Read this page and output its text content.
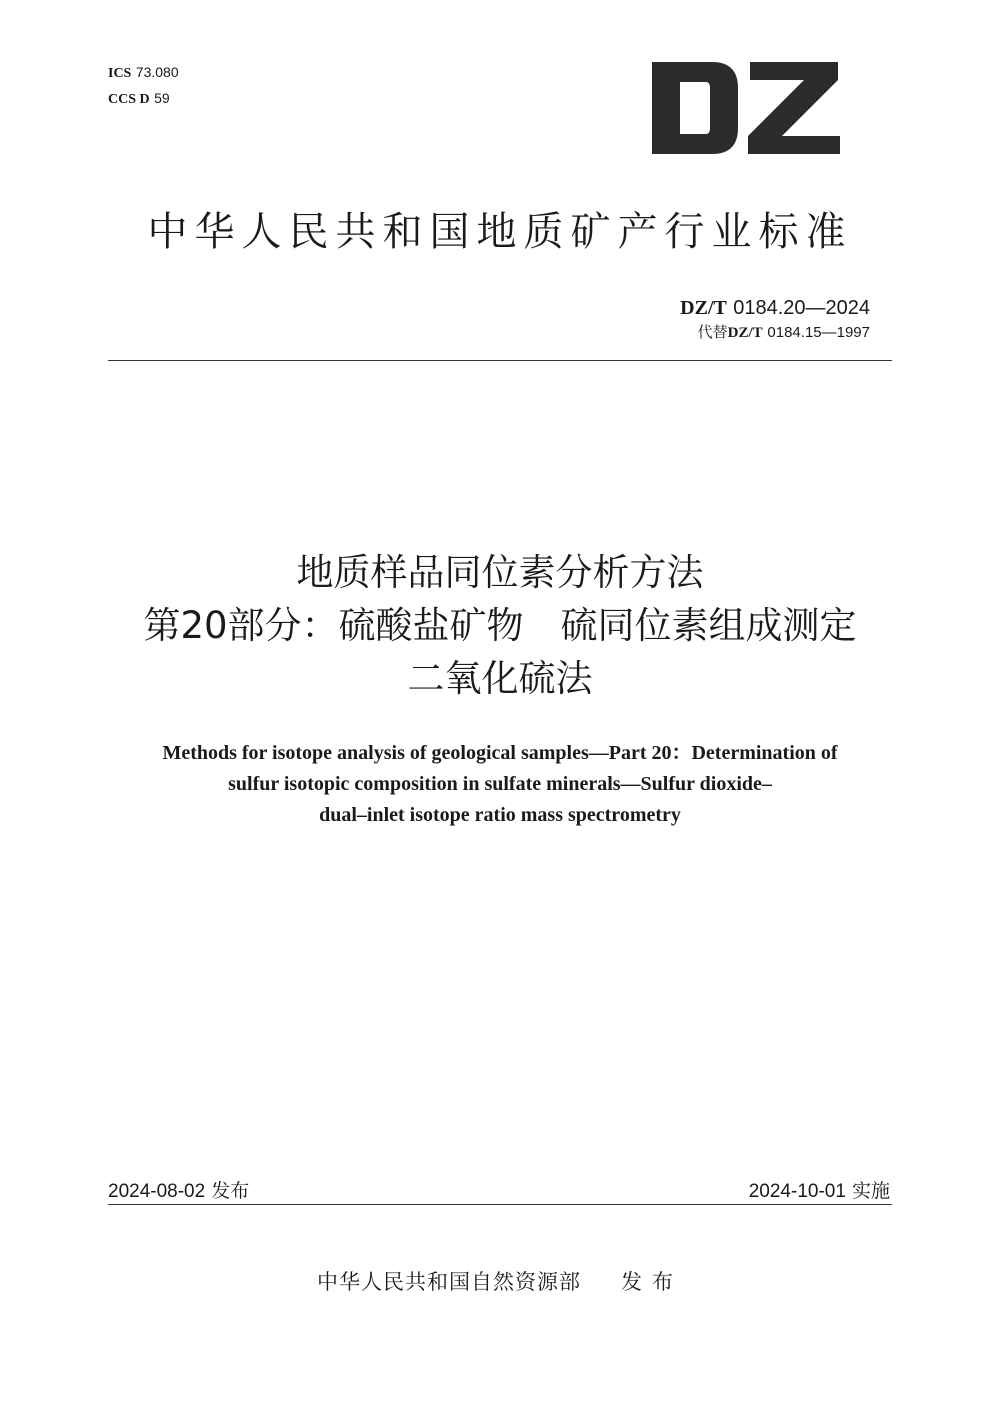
ICS 73.080
CCS D 59
中华人民共和国地质矿产行业标准
DZ/T 0184.20—2024
代替DZ/T 0184.15—1997
地质样品同位素分析方法
第20部分：硫酸盐矿物　硫同位素组成测定
二氧化硫法
Methods for isotope analysis of geological samples—Part 20：Determination of
sulfur isotopic composition in sulfate minerals—Sulfur dioxide–
dual–inlet isotope ratio mass spectrometry
2024-08-02 发布	2024-10-01 实施
中华人民共和国自然资源部 发布
